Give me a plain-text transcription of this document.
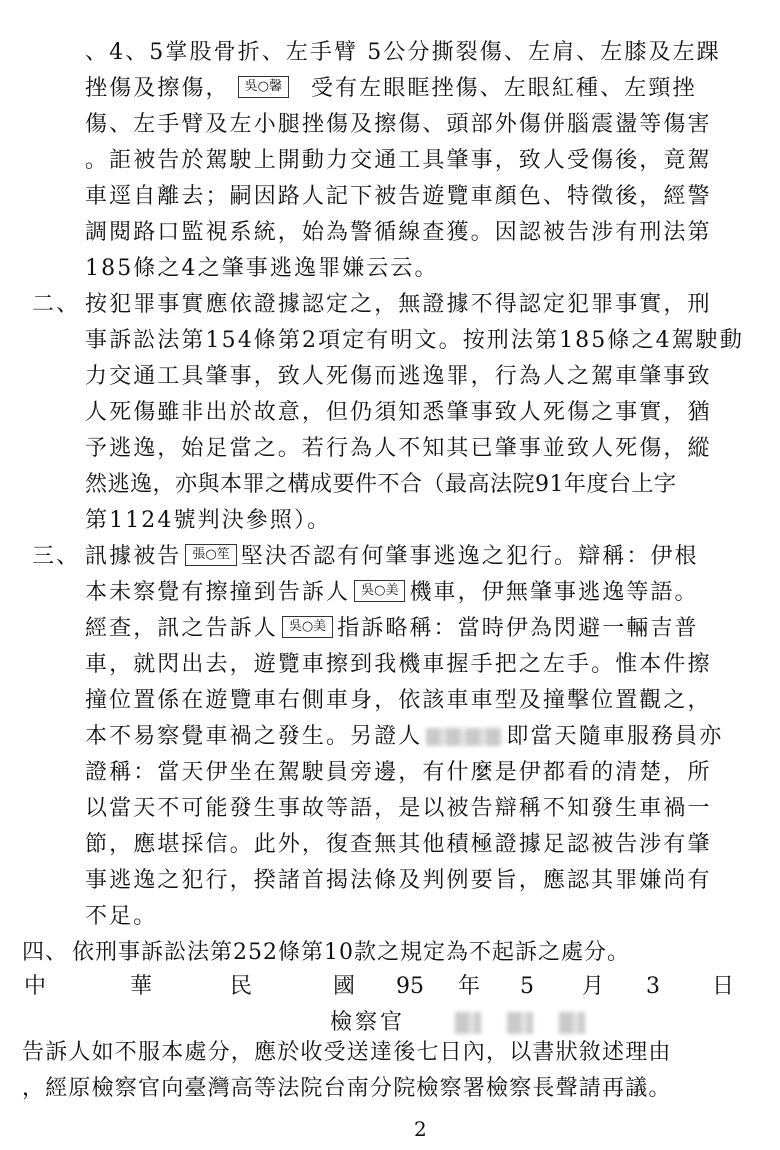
、4、5掌股骨折、左手臂 5公分撕裂傷、左肩、左膝及左踝
挫傷及擦傷， 吳○馨 受有左眼眶挫傷、左眼紅種、左頸挫
傷、左手臂及左小腿挫傷及擦傷、頭部外傷併腦震盪等傷害
。詎被告於駕駛上開動力交通工具肇事，致人受傷後，竟駕
車逕自離去；嗣因路人記下被告遊覽車顏色、特徵後，經警
調閱路口監視系統，始為警循線查獲。因認被告涉有刑法第
185條之4之肇事逃逸罪嫌云云。
二、 按犯罪事實應依證據認定之，無證據不得認定犯罪事實，刑
事訴訟法第154條第2項定有明文。按刑法第185條之4駕駛動
力交通工具肇事，致人死傷而逃逸罪，行為人之駕車肇事致
人死傷雖非出於故意，但仍須知悉肇事致人死傷之事實，猶
予逃逸，始足當之。若行為人不知其已肇事並致人死傷，縱
然逃逸，亦與本罪之構成要件不合（最高法院91年度台上字
第1124號判決參照）。
三、 訊據被告 張○笙 堅決否認有何肇事逃逸之犯行。辯稱：伊根
本未察覺有擦撞到告訴人 吳○美 機車，伊無肇事逃逸等語。
經查，訊之告訴人 吳○美 指訴略稱：當時伊為閃避一輛吉普
車，就閃出去，遊覽車擦到我機車握手把之左手。惟本件擦
撞位置係在遊覽車右側車身，依該車車型及撞擊位置觀之，
本不易察覺車禍之發生。另證人	即當天隨車服務員亦
證稱：當天伊坐在駕駛員旁邊，有什麼是伊都看的清楚，所
以當天不可能發生事故等語，是以被告辯稱不知發生車禍一
節，應堪採信。此外，復查無其他積極證據足認被告涉有肇
事逃逸之犯行，揆諸首揭法條及判例要旨，應認其罪嫌尚有
不足。
四、 依刑事訴訟法第252條第10款之規定為不起訴之處分。
中	華	民	國 95 年 5 月 3 日
檢察官
告訴人如不服本處分，應於收受送達後七日內，以書狀敘述理由
，經原檢察官向臺灣高等法院台南分院檢察署檢察長聲請再議。
2
